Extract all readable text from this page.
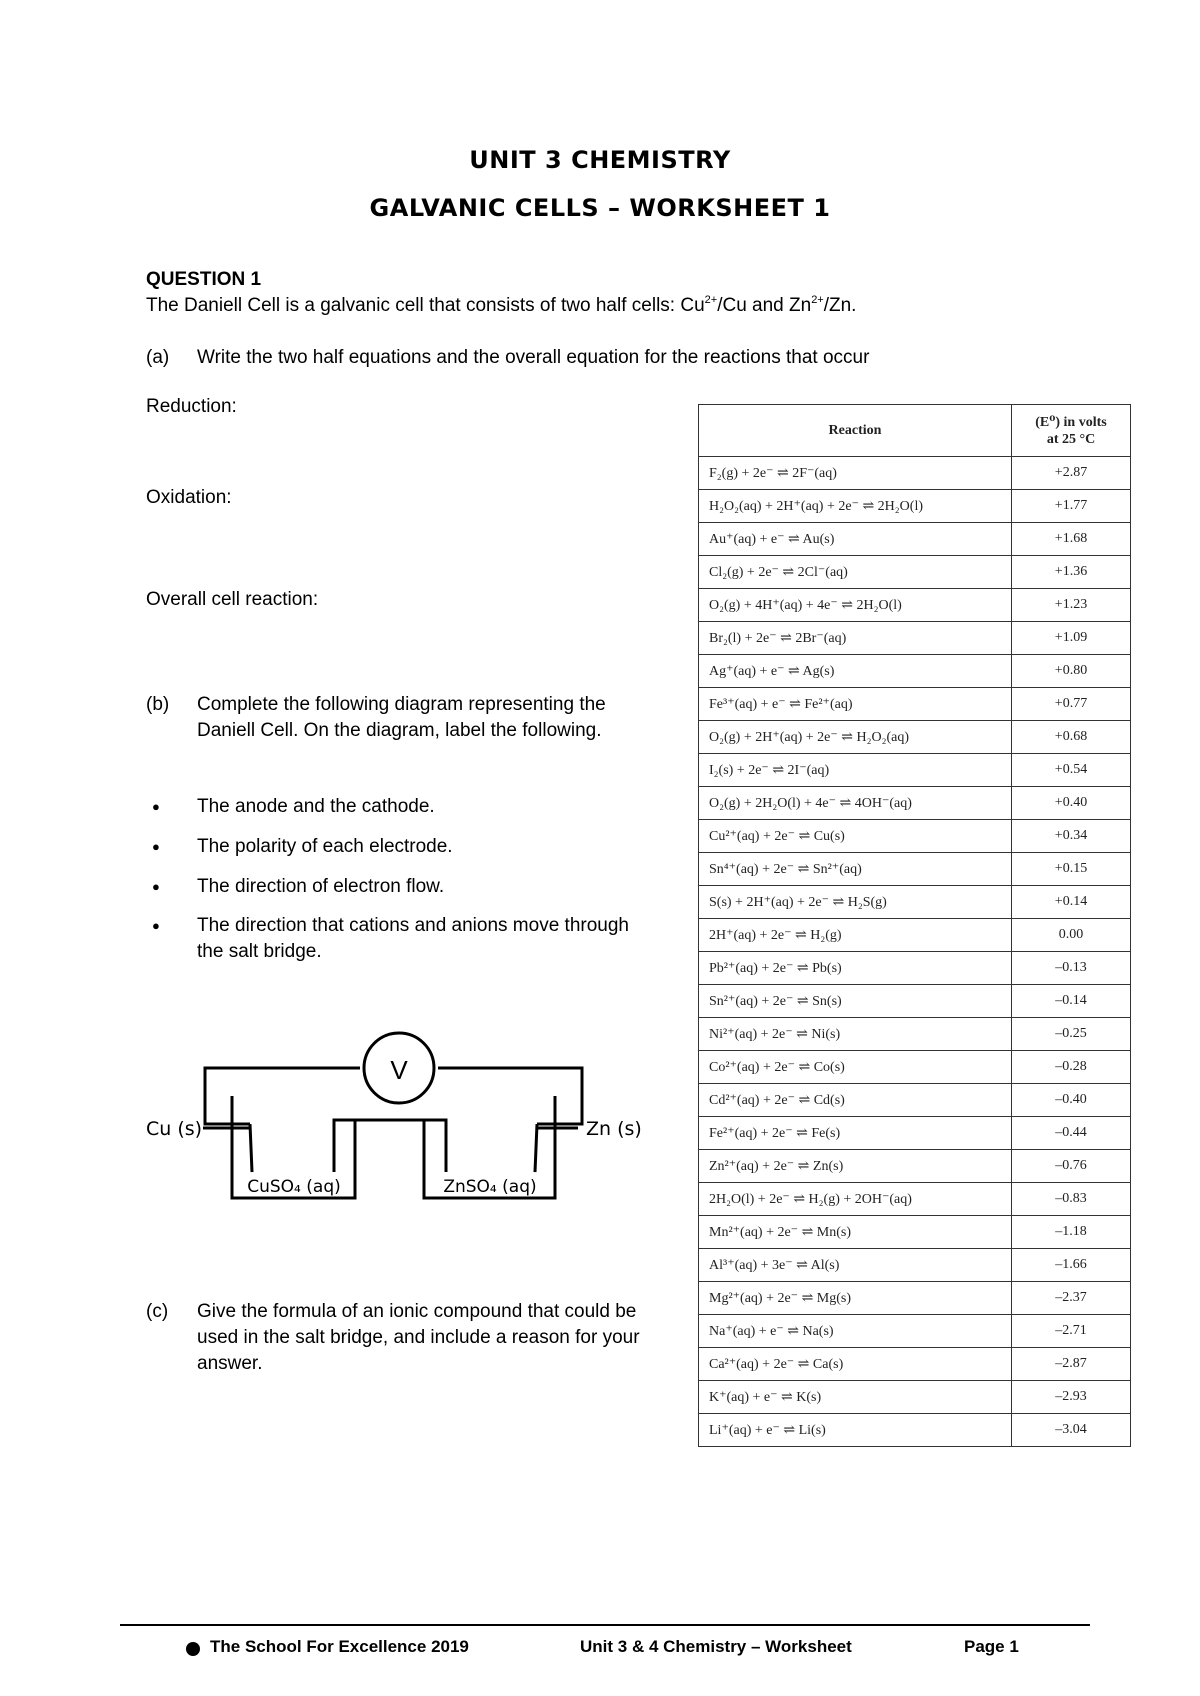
UNIT 3 CHEMISTRY
GALVANIC CELLS – WORKSHEET 1
QUESTION 1
The Daniell Cell is a galvanic cell that consists of two half cells: $Cu^{2+}/Cu$ and $Zn^{2+}/Zn$.
(a) Write the two half equations and the overall equation for the reactions that occur
Reduction:
Oxidation:
Overall cell reaction:
(b) Complete the following diagram representing the Daniell Cell. On the diagram, label the following.
● The anode and the cathode.
● The polarity of each electrode.
● The direction of electron flow.
● The direction that cations and anions move through the salt bridge.
V
Cu (s)	Zn (s)
CuSO₄ (aq)	ZnSO₄ (aq)
(c) Give the formula of an ionic compound that could be used in the salt bridge, and include a reason for your answer.
Reaction	(E⁰) in volts
at 25 °C
F₂(g) + 2e⁻ ⇌ 2F⁻(aq)	+2.87
H₂O₂(aq) + 2H⁺(aq) + 2e⁻ ⇌ 2H₂O(l)	+1.77
Au⁺(aq) + e⁻ ⇌ Au(s)	+1.68
Cl₂(g) + 2e⁻ ⇌ 2Cl⁻(aq)	+1.36
O₂(g) + 4H⁺(aq) + 4e⁻ ⇌ 2H₂O(l)	+1.23
Br₂(l) + 2e⁻ ⇌ 2Br⁻(aq)	+1.09
Ag⁺(aq) + e⁻ ⇌ Ag(s)	+0.80
Fe³⁺(aq) + e⁻ ⇌ Fe²⁺(aq)	+0.77
O₂(g) + 2H⁺(aq) + 2e⁻ ⇌ H₂O₂(aq)	+0.68
I₂(s) + 2e⁻ ⇌ 2I⁻(aq)	+0.54
O₂(g) + 2H₂O(l) + 4e⁻ ⇌ 4OH⁻(aq)	+0.40
Cu²⁺(aq) + 2e⁻ ⇌ Cu(s)	+0.34
Sn⁴⁺(aq) + 2e⁻ ⇌ Sn²⁺(aq)	+0.15
S(s) + 2H⁺(aq) + 2e⁻ ⇌ H₂S(g)	+0.14
2H⁺(aq) + 2e⁻ ⇌ H₂(g)	0.00
Pb²⁺(aq) + 2e⁻ ⇌ Pb(s)	–0.13
Sn²⁺(aq) + 2e⁻ ⇌ Sn(s)	–0.14
Ni²⁺(aq) + 2e⁻ ⇌ Ni(s)	–0.25
Co²⁺(aq) + 2e⁻ ⇌ Co(s)	–0.28
Cd²⁺(aq) + 2e⁻ ⇌ Cd(s)	–0.40
Fe²⁺(aq) + 2e⁻ ⇌ Fe(s)	–0.44
Zn²⁺(aq) + 2e⁻ ⇌ Zn(s)	–0.76
2H₂O(l) + 2e⁻ ⇌ H₂(g) + 2OH⁻(aq)	–0.83
Mn²⁺(aq) + 2e⁻ ⇌ Mn(s)	–1.18
Al³⁺(aq) + 3e⁻ ⇌ Al(s)	–1.66
Mg²⁺(aq) + 2e⁻ ⇌ Mg(s)	–2.37
Na⁺(aq) + e⁻ ⇌ Na(s)	–2.71
Ca²⁺(aq) + 2e⁻ ⇌ Ca(s)	–2.87
K⁺(aq) + e⁻ ⇌ K(s)	–2.93
Li⁺(aq) + e⁻ ⇌ Li(s)	–3.04
The School For Excellence 2019	Unit 3 & 4 Chemistry – Worksheet	Page 1
